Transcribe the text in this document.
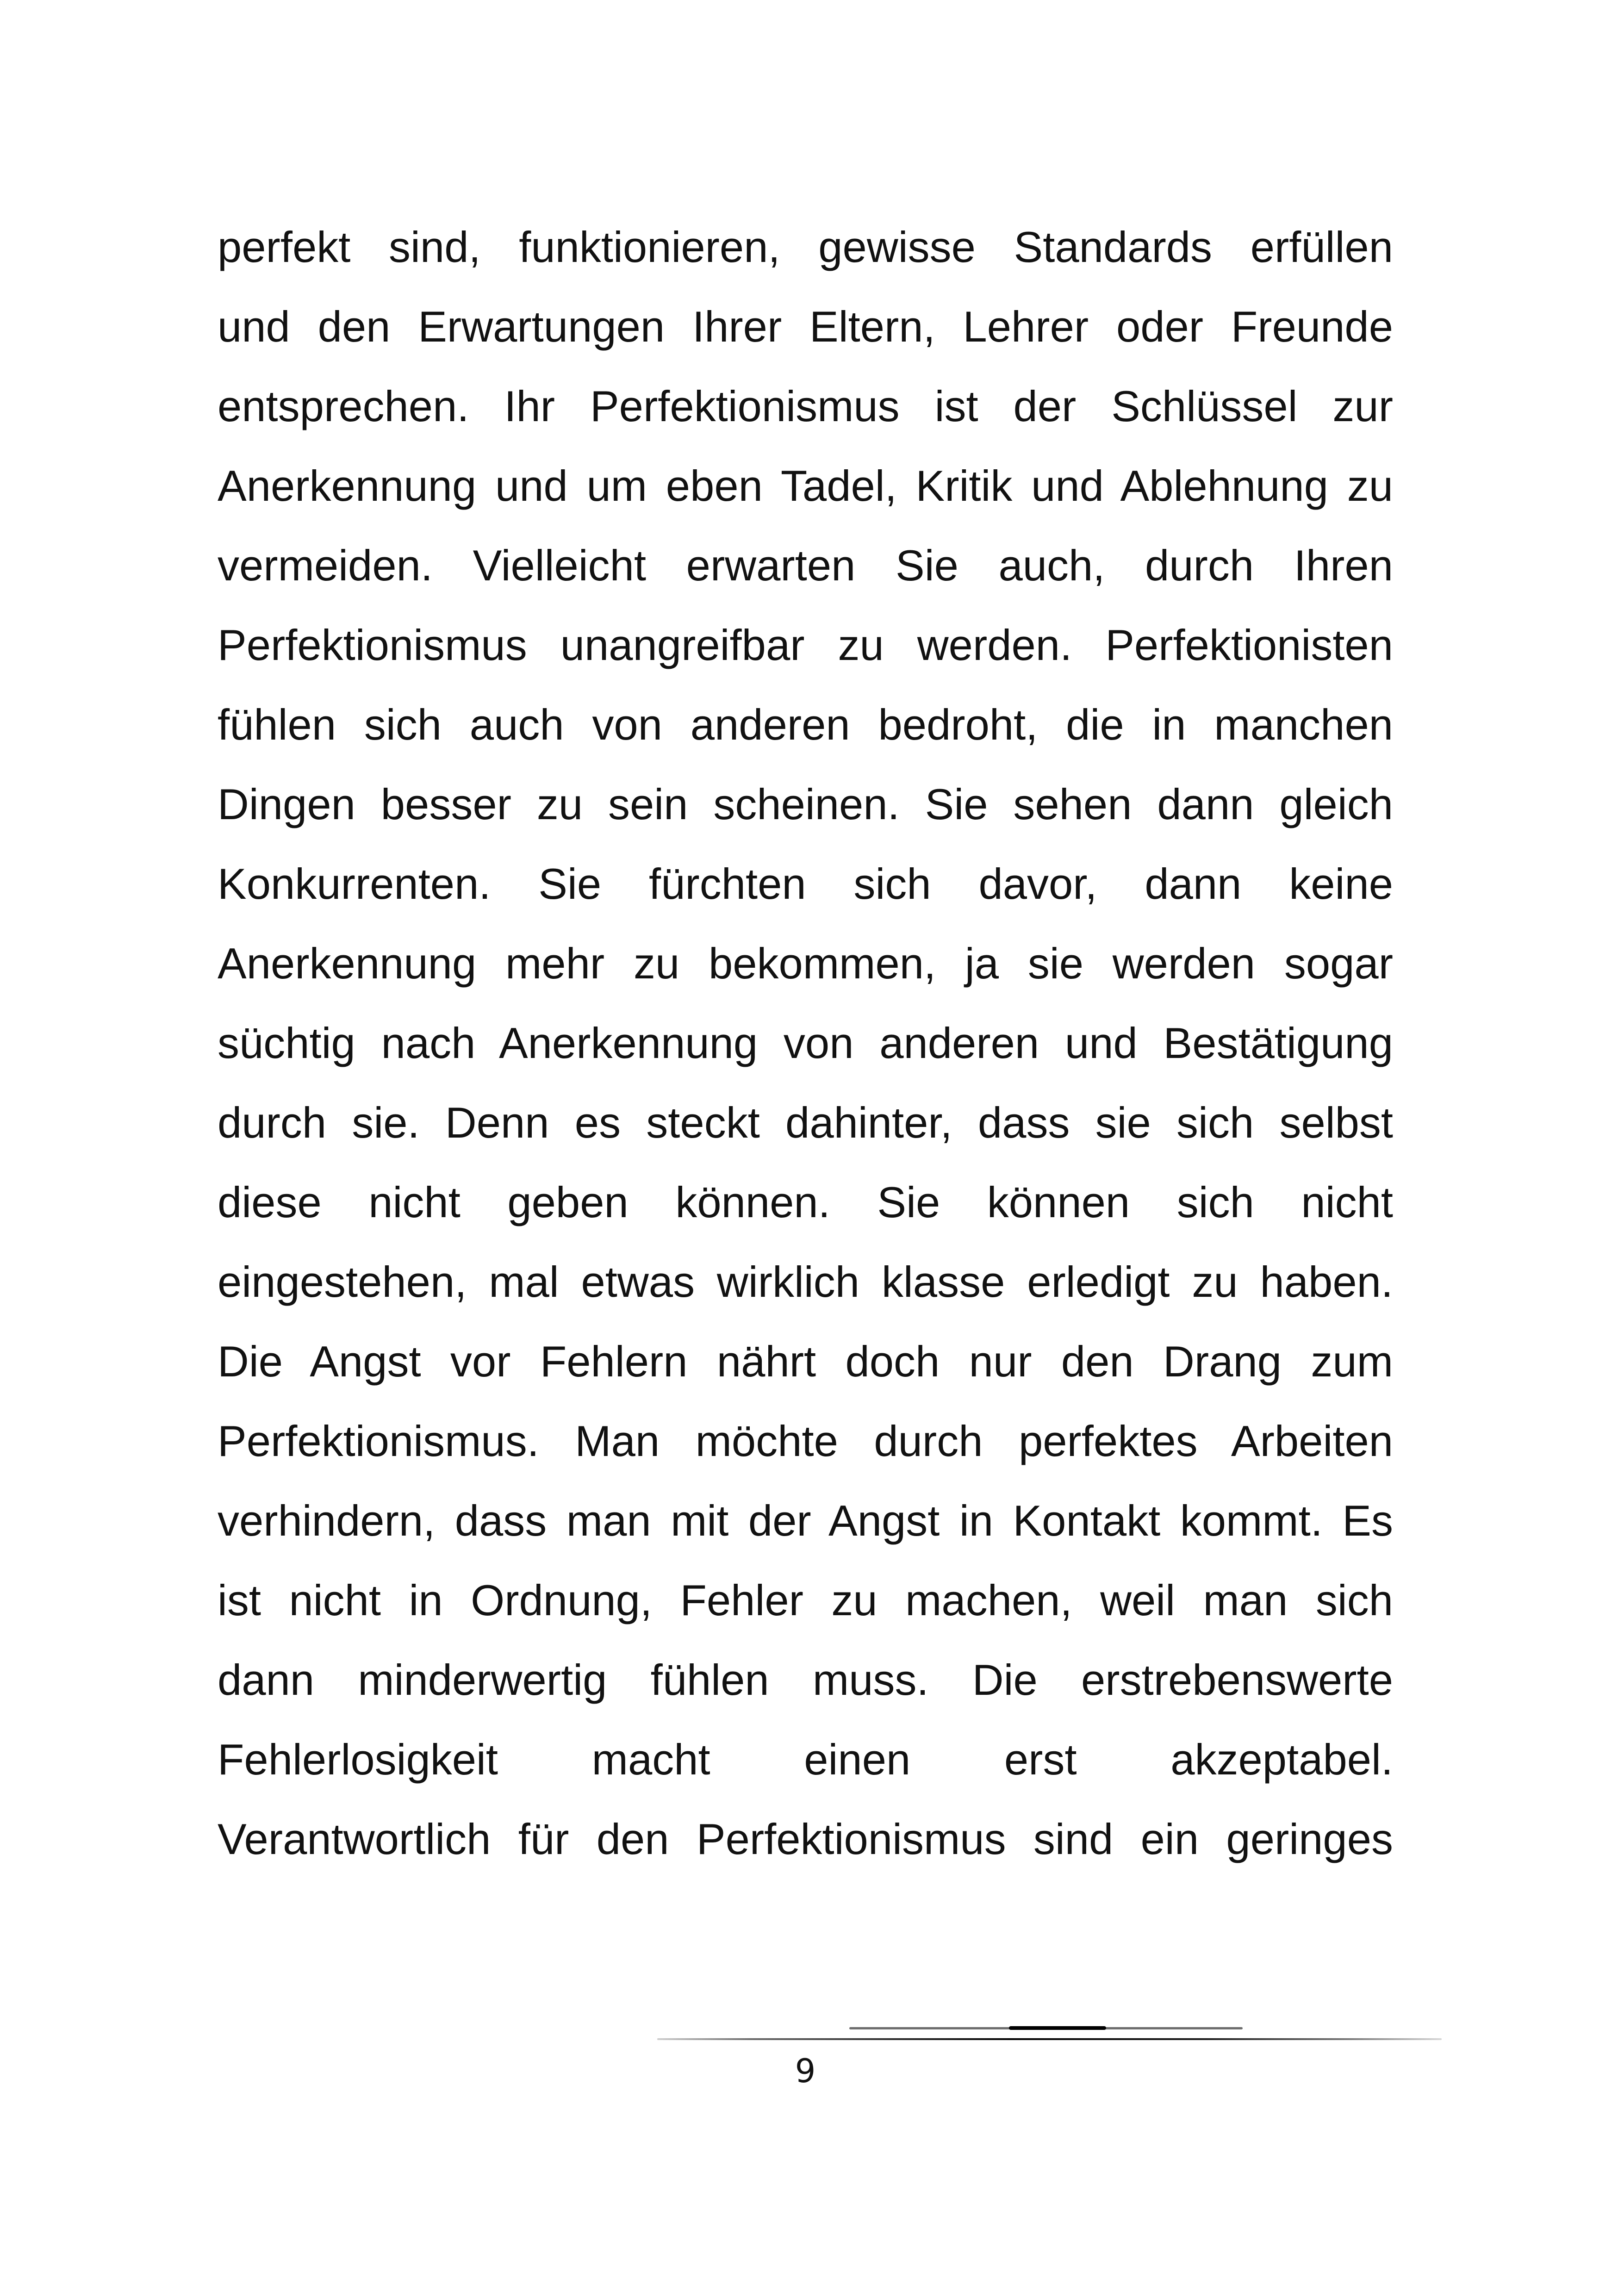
perfekt sind, funktionieren, gewisse Standards erfüllen
und den Erwartungen Ihrer Eltern, Lehrer oder Freunde
entsprechen. Ihr Perfektionismus ist der Schlüssel zur
Anerkennung und um eben Tadel, Kritik und Ablehnung zu
vermeiden. Vielleicht erwarten Sie auch, durch Ihren
Perfektionismus unangreifbar zu werden. Perfektionisten
fühlen sich auch von anderen bedroht, die in manchen
Dingen besser zu sein scheinen. Sie sehen dann gleich
Konkurrenten. Sie fürchten sich davor, dann keine
Anerkennung mehr zu bekommen, ja sie werden sogar
süchtig nach Anerkennung von anderen und Bestätigung
durch sie. Denn es steckt dahinter, dass sie sich selbst
diese nicht geben können. Sie können sich nicht
eingestehen, mal etwas wirklich klasse erledigt zu haben.
Die Angst vor Fehlern nährt doch nur den Drang zum
Perfektionismus. Man möchte durch perfektes Arbeiten
verhindern, dass man mit der Angst in Kontakt kommt. Es
ist nicht in Ordnung, Fehler zu machen, weil man sich
dann minderwertig fühlen muss. Die erstrebenswerte
Fehlerlosigkeit macht einen erst akzeptabel.
Verantwortlich für den Perfektionismus sind ein geringes
9
